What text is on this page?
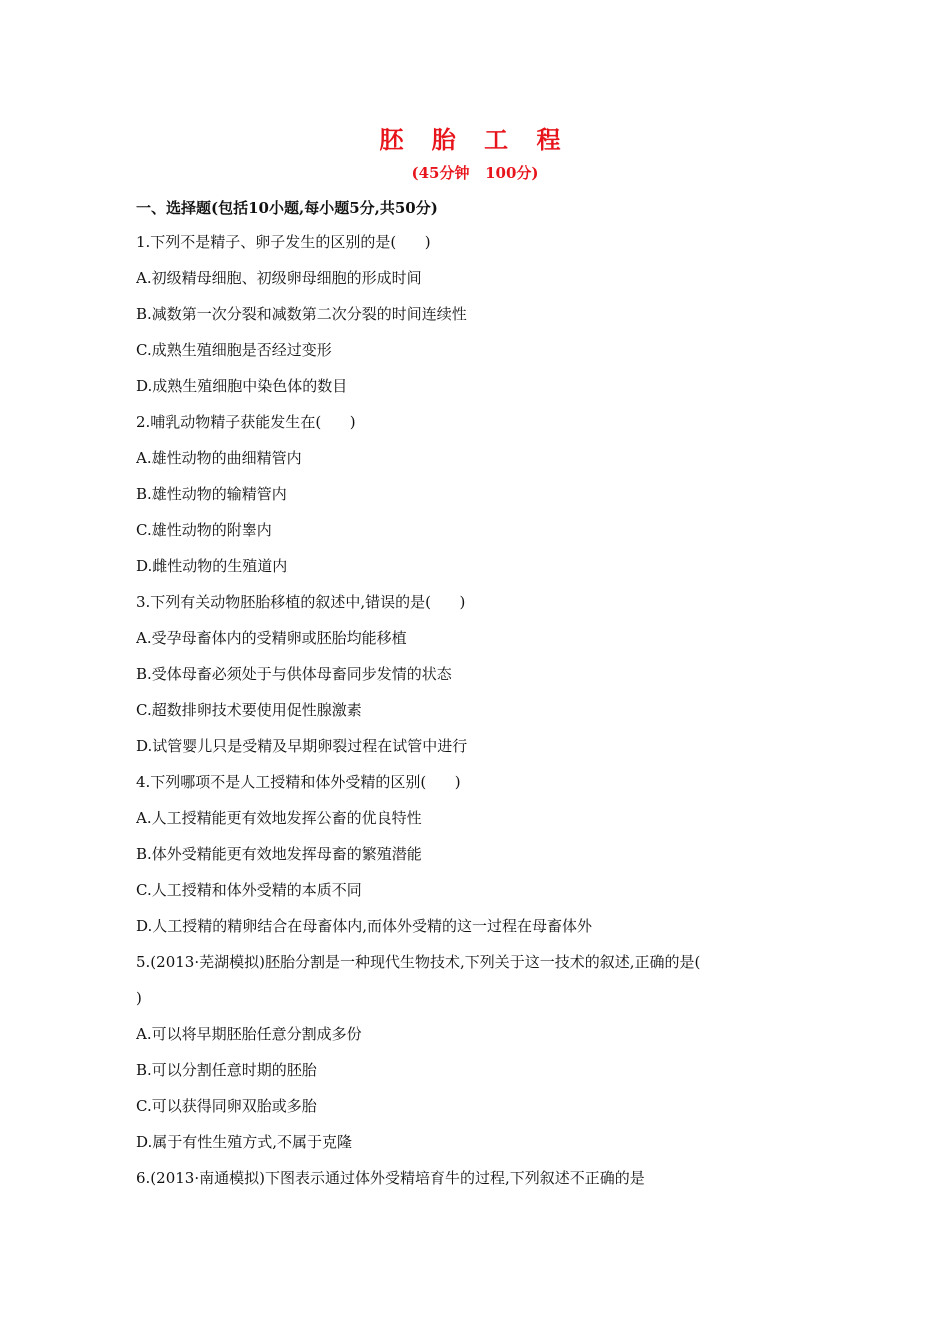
胚 胎 工 程
(45分钟   100分)
一、选择题(包括10小题,每小题5分,共50分)
1.下列不是精子、卵子发生的区别的是(      )
A.初级精母细胞、初级卵母细胞的形成时间
B.减数第一次分裂和减数第二次分裂的时间连续性
C.成熟生殖细胞是否经过变形
D.成熟生殖细胞中染色体的数目
2.哺乳动物精子获能发生在(      )
A.雄性动物的曲细精管内
B.雄性动物的输精管内
C.雄性动物的附睾内
D.雌性动物的生殖道内
3.下列有关动物胚胎移植的叙述中,错误的是(      )
A.受孕母畜体内的受精卵或胚胎均能移植
B.受体母畜必须处于与供体母畜同步发情的状态
C.超数排卵技术要使用促性腺激素
D.试管婴儿只是受精及早期卵裂过程在试管中进行
4.下列哪项不是人工授精和体外受精的区别(      )
A.人工授精能更有效地发挥公畜的优良特性
B.体外受精能更有效地发挥母畜的繁殖潜能
C.人工授精和体外受精的本质不同
D.人工授精的精卵结合在母畜体内,而体外受精的这一过程在母畜体外
5.(2013·芜湖模拟)胚胎分割是一种现代生物技术,下列关于这一技术的叙述,正确的是(
)
A.可以将早期胚胎任意分割成多份
B.可以分割任意时期的胚胎
C.可以获得同卵双胎或多胎
D.属于有性生殖方式,不属于克隆
6.(2013·南通模拟)下图表示通过体外受精培育牛的过程,下列叙述不正确的是
